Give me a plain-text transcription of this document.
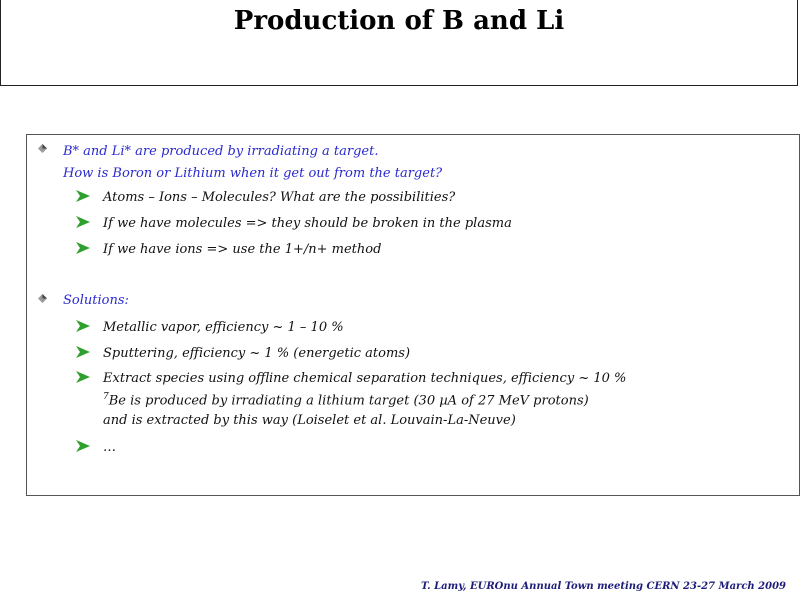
Production of B and Li
B* and Li* are produced by irradiating a target.
How is Boron or Lithium when it get out from the target?
Atoms – Ions – Molecules? What are the possibilities?
If we have molecules => they should be broken in the plasma
If we have ions => use the 1+/n+ method
Solutions:
Metallic vapor, efficiency ~ 1 – 10 %
Sputtering, efficiency ~ 1 % (energetic atoms)
Extract species using offline chemical separation techniques, efficiency ~ 10 %
$^7$Be is produced by irradiating a lithium target (30 µA of 27 MeV protons)
and is extracted by this way (Loiselet et al. Louvain-La-Neuve)
…
T. Lamy, EUROnu Annual Town meeting CERN 23-27 March 2009
